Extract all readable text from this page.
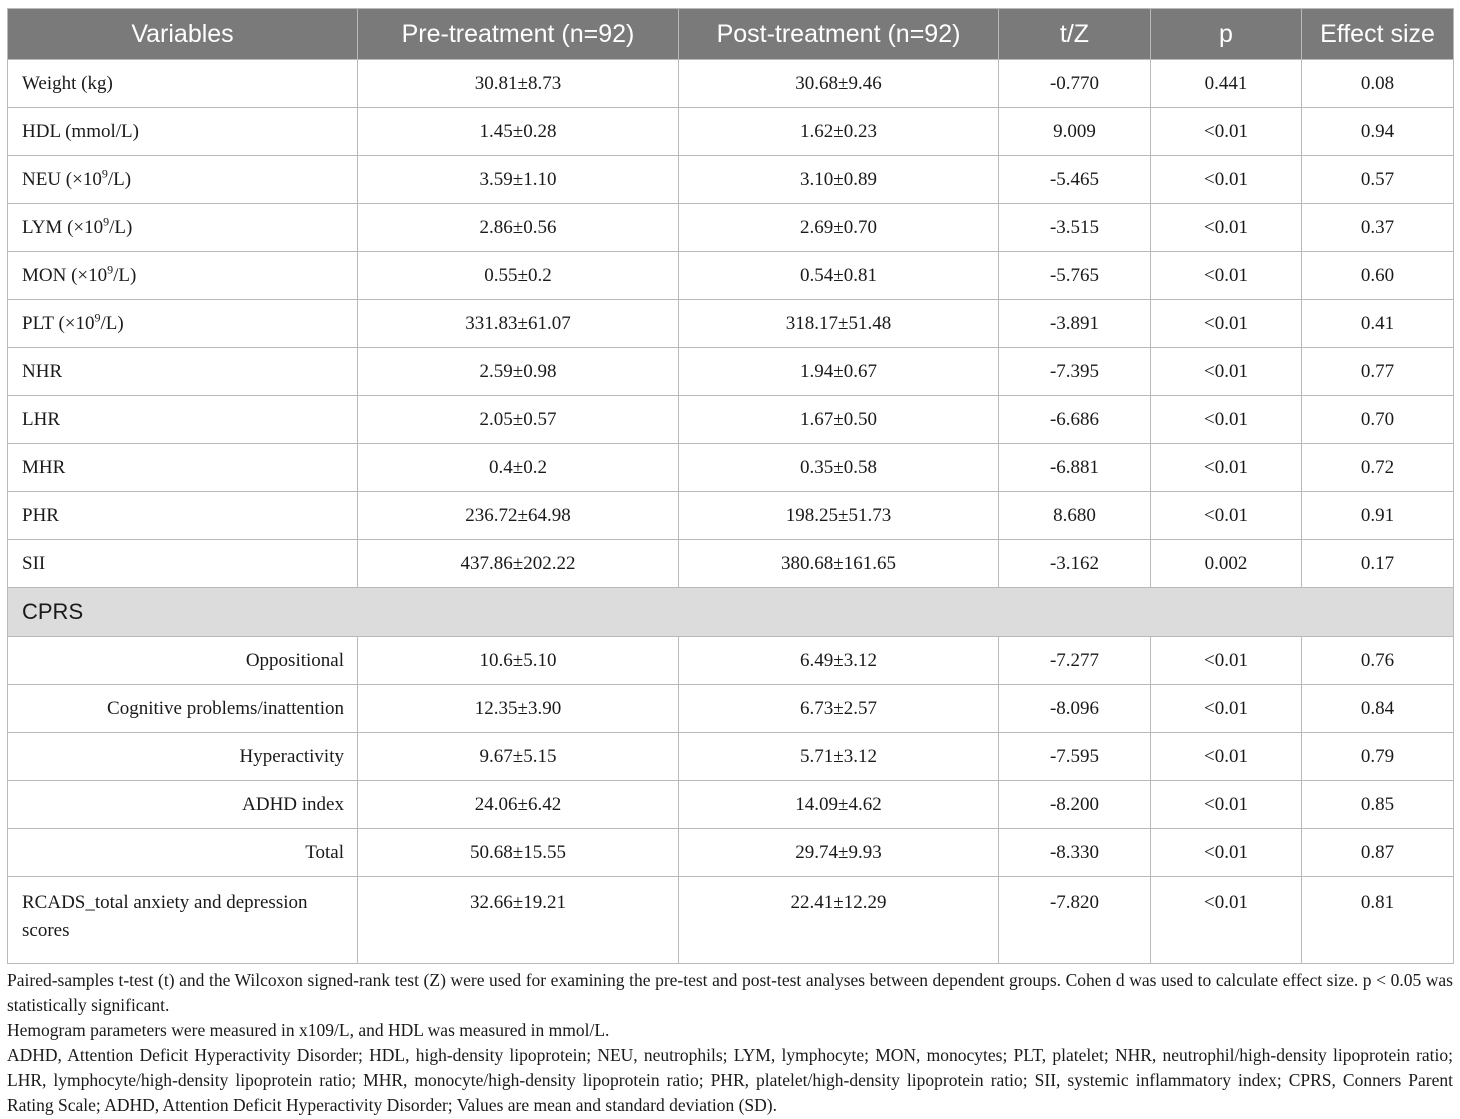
Variables	Pre-treatment (n=92)	Post-treatment (n=92)	t/Z	p	Effect size
Weight (kg)	30.81±8.73	30.68±9.46	-0.770	0.441	0.08
HDL (mmol/L)	1.45±0.28	1.62±0.23	9.009	<0.01	0.94
NEU $(\times 10^9/L)$	3.59±1.10	3.10±0.89	-5.465	<0.01	0.57
LYM $(\times 10^9/L)$	2.86±0.56	2.69±0.70	-3.515	<0.01	0.37
MON $(\times 10^9/L)$	0.55±0.2	0.54±0.81	-5.765	<0.01	0.60
PLT $(\times 10^9/L)$	331.83±61.07	318.17±51.48	-3.891	<0.01	0.41
NHR	2.59±0.98	1.94±0.67	-7.395	<0.01	0.77
LHR	2.05±0.57	1.67±0.50	-6.686	<0.01	0.70
MHR	0.4±0.2	0.35±0.58	-6.881	<0.01	0.72
PHR	236.72±64.98	198.25±51.73	8.680	<0.01	0.91
SII	437.86±202.22	380.68±161.65	-3.162	0.002	0.17
CPRS					
Oppositional	10.6±5.10	6.49±3.12	-7.277	<0.01	0.76
Cognitive problems/inattention	12.35±3.90	6.73±2.57	-8.096	<0.01	0.84
Hyperactivity	9.67±5.15	5.71±3.12	-7.595	<0.01	0.79
ADHD index	24.06±6.42	14.09±4.62	-8.200	<0.01	0.85
Total	50.68±15.55	29.74±9.93	-8.330	<0.01	0.87
RCADS_total anxiety and depression scores	32.66±19.21	22.41±12.29	-7.820	<0.01	0.81

Paired-samples t-test (t) and the Wilcoxon signed-rank test (Z) were used for examining the pre-test and post-test analyses between dependent groups. Cohen d was used to calculate effect size. p < 0.05 was statistically significant.

Hemogram parameters were measured in x109/L, and HDL was measured in mmol/L.

ADHD, Attention Deficit Hyperactivity Disorder; HDL, high-density lipoprotein; NEU, neutrophils; LYM, lymphocyte; MON, monocytes; PLT, platelet; NHR, neutrophil/high-density lipoprotein ratio; LHR, lymphocyte/high-density lipoprotein ratio; MHR, monocyte/high-density lipoprotein ratio; PHR, platelet/high-density lipoprotein ratio; SII, systemic inflammatory index; CPRS, Conners Parent Rating Scale; ADHD, Attention Deficit Hyperactivity Disorder; Values are mean and standard deviation (SD).
